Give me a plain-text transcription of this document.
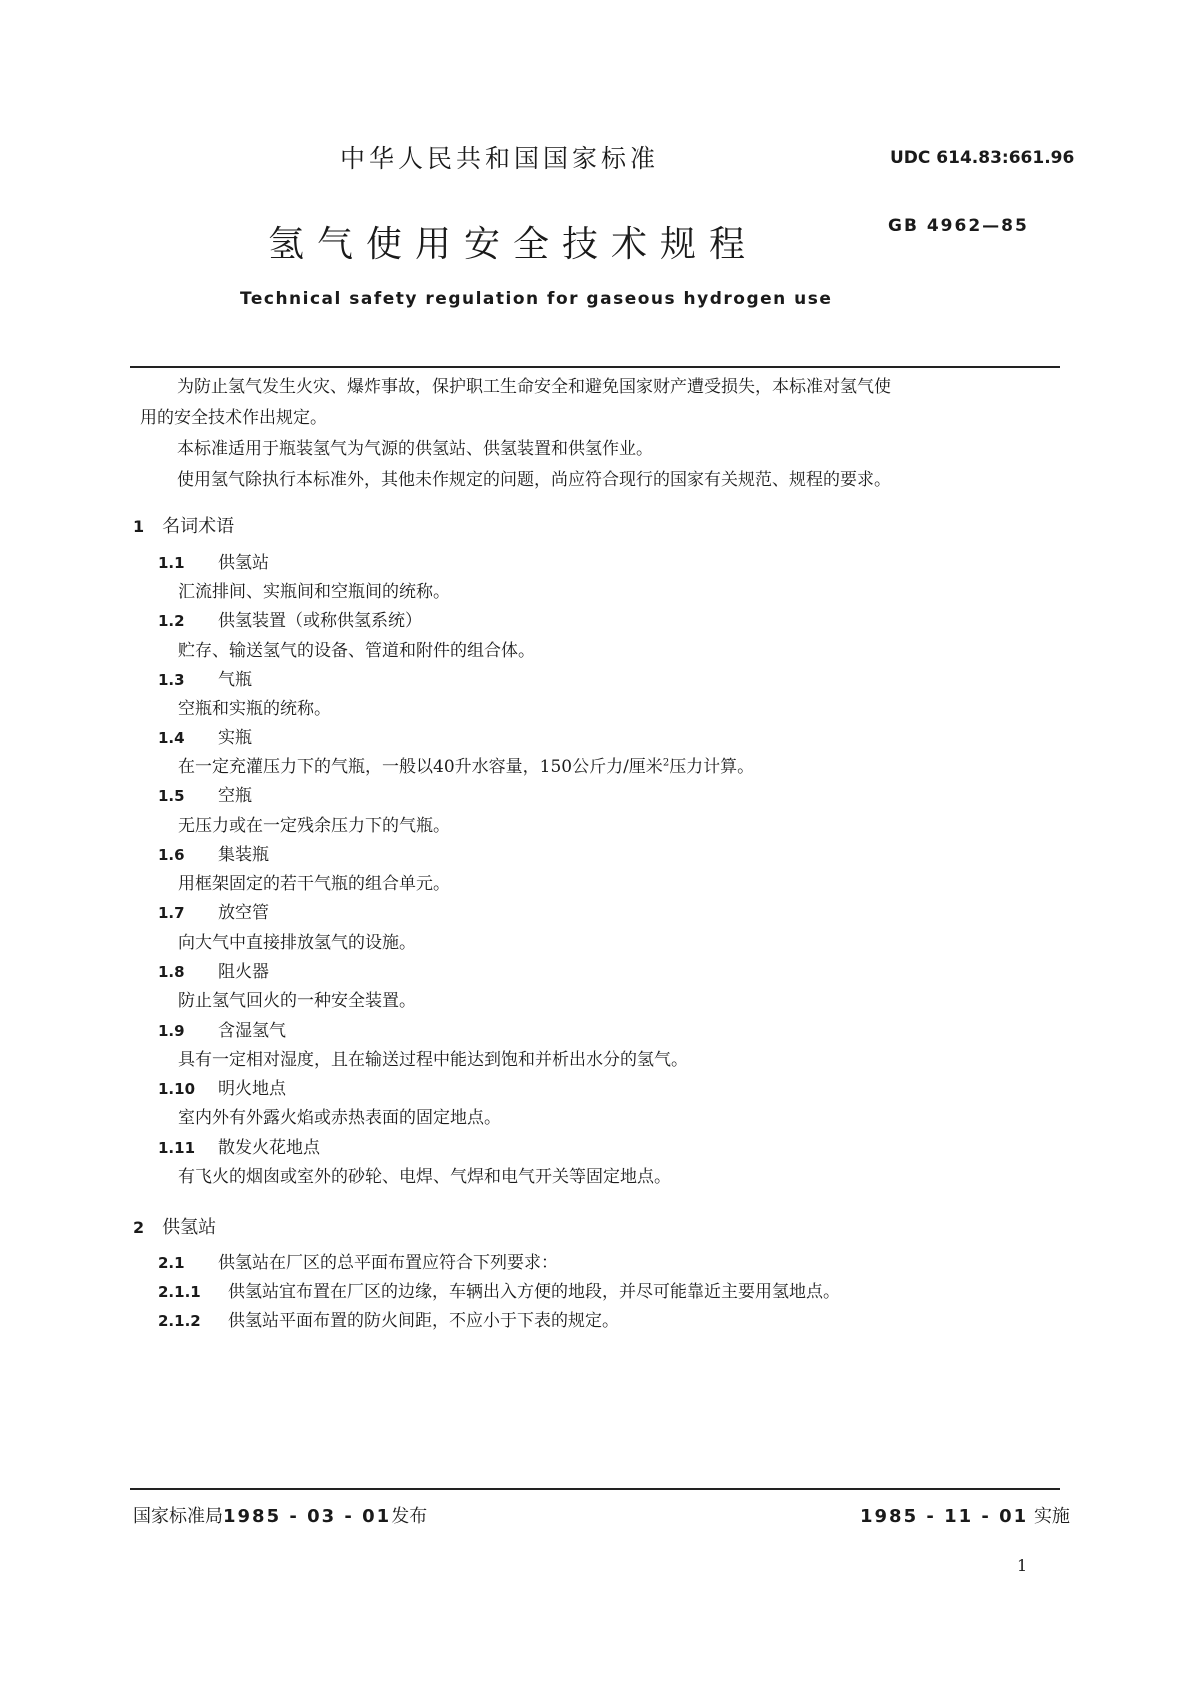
中华人民共和国国家标准	UDC 614.83:661.96
氢气使用安全技术规程	GB 4962—85
Technical safety regulation for gaseous hydrogen use
为防止氢气发生火灾、爆炸事故，保护职工生命安全和避免国家财产遭受损失，本标准对氢气使
用的安全技术作出规定。
本标准适用于瓶装氢气为气源的供氢站、供氢装置和供氢作业。
使用氢气除执行本标准外，其他未作规定的问题，尚应符合现行的国家有关规范、规程的要求。
1 名词术语
1.1 供氢站
汇流排间、实瓶间和空瓶间的统称。
1.2 供氢装置（或称供氢系统）
贮存、输送氢气的设备、管道和附件的组合体。
1.3 气瓶
空瓶和实瓶的统称。
1.4 实瓶
在一定充灌压力下的气瓶，一般以40升水容量，150公斤力/厘米$^2$压力计算。
1.5 空瓶
无压力或在一定残余压力下的气瓶。
1.6 集装瓶
用框架固定的若干气瓶的组合单元。
1.7 放空管
向大气中直接排放氢气的设施。
1.8 阻火器
防止氢气回火的一种安全装置。
1.9 含湿氢气
具有一定相对湿度，且在输送过程中能达到饱和并析出水分的氢气。
1.10 明火地点
室内外有外露火焰或赤热表面的固定地点。
1.11 散发火花地点
有飞火的烟囱或室外的砂轮、电焊、气焊和电气开关等固定地点。
2 供氢站
2.1 供氢站在厂区的总平面布置应符合下列要求：
2.1.1 供氢站宜布置在厂区的边缘，车辆出入方便的地段，并尽可能靠近主要用氢地点。
2.1.2 供氢站平面布置的防火间距，不应小于下表的规定。
国家标准局1985 - 03 - 01发布	1985 - 11 - 01 实施
1
